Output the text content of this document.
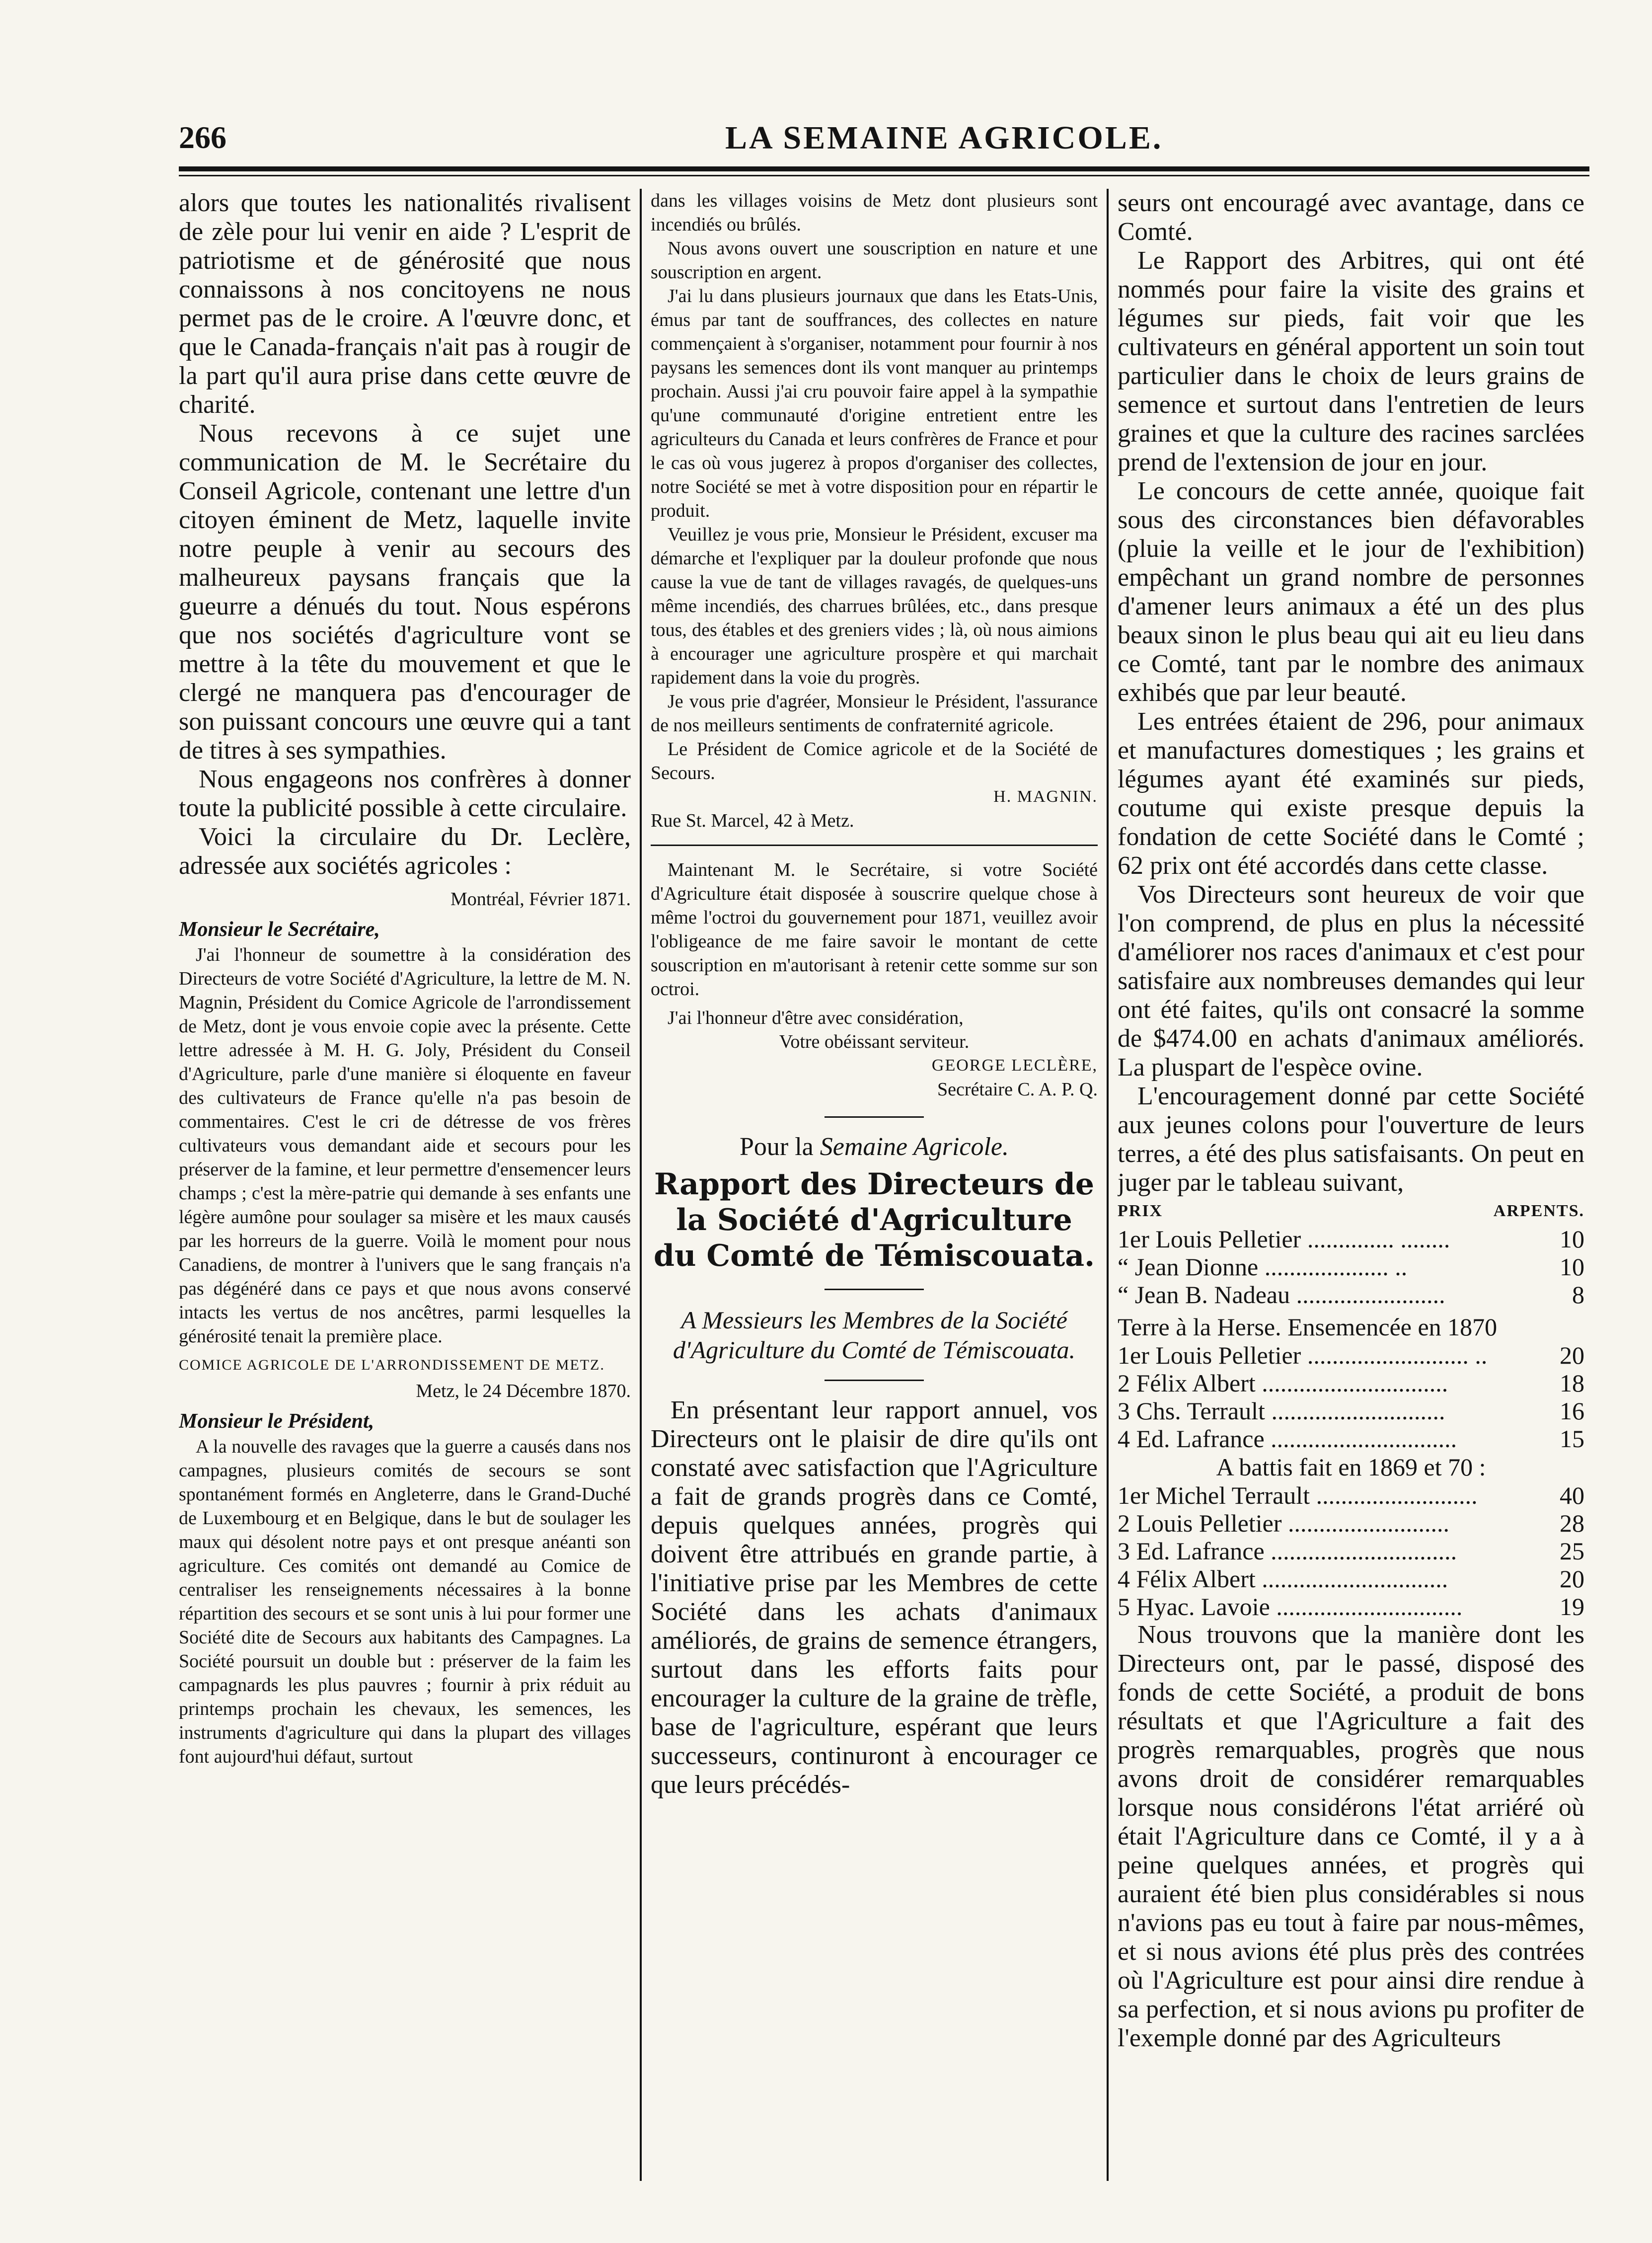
266	LA SEMAINE AGRICOLE.

alors que toutes les nationalités rivalisent de zèle pour lui venir en aide ? L'esprit de patriotisme et de générosité que nous connaissons à nos concitoyens ne nous permet pas de le croire. A l'œuvre donc, et que le Canada-français n'ait pas à rougir de la part qu'il aura prise dans cette œuvre de charité.

Nous recevons à ce sujet une communication de M. le Secrétaire du Conseil Agricole, contenant une lettre d'un citoyen éminent de Metz, laquelle invite notre peuple à venir au secours des malheureux paysans français que la gueurre a dénués du tout. Nous espérons que nos sociétés d'agriculture vont se mettre à la tête du mouvement et que le clergé ne manquera pas d'encourager de son puissant concours une œuvre qui a tant de titres à ses sympathies.

Nous engageons nos confrères à donner toute la publicité possible à cette circulaire.

Voici la circulaire du Dr. Leclère, adressée aux sociétés agricoles :

Montréal, Février 1871.

Monsieur le Secrétaire,

J'ai l'honneur de soumettre à la considération des Directeurs de votre Société d'Agriculture, la lettre de M. N. Magnin, Président du Comice Agricole de l'arrondissement de Metz, dont je vous envoie copie avec la présente. Cette lettre adressée à M. H. G. Joly, Président du Conseil d'Agriculture, parle d'une manière si éloquente en faveur des cultivateurs de France qu'elle n'a pas besoin de commentaires. C'est le cri de détresse de vos frères cultivateurs vous demandant aide et secours pour les préserver de la famine, et leur permettre d'ensemencer leurs champs ; c'est la mère-patrie qui demande à ses enfants une légère aumône pour soulager sa misère et les maux causés par les horreurs de la guerre. Voilà le moment pour nous Canadiens, de montrer à l'univers que le sang français n'a pas dégénéré dans ce pays et que nous avons conservé intacts les vertus de nos ancêtres, parmi lesquelles la générosité tenait la première place.

COMICE AGRICOLE DE L'ARRONDISSEMENT DE METZ.

Metz, le 24 Décembre 1870.

Monsieur le Président,

A la nouvelle des ravages que la guerre a causés dans nos campagnes, plusieurs comités de secours se sont spontanément formés en Angleterre, dans le Grand-Duché de Luxembourg et en Belgique, dans le but de soulager les maux qui désolent notre pays et ont presque anéanti son agriculture. Ces comités ont demandé au Comice de centraliser les renseignements nécessaires à la bonne répartition des secours et se sont unis à lui pour former une Société dite de Secours aux habitants des Campagnes. La Société poursuit un double but : préserver de la faim les campagnards les plus pauvres ; fournir à prix réduit au printemps prochain les chevaux, les semences, les instruments d'agriculture qui dans la plupart des villages font aujourd'hui défaut, surtout

dans les villages voisins de Metz dont plusieurs sont incendiés ou brûlés.

Nous avons ouvert une souscription en nature et une souscription en argent.

J'ai lu dans plusieurs journaux que dans les Etats-Unis, émus par tant de souffrances, des collectes en nature commençaient à s'organiser, notamment pour fournir à nos paysans les semences dont ils vont manquer au printemps prochain. Aussi j'ai cru pouvoir faire appel à la sympathie qu'une communauté d'origine entretient entre les agriculteurs du Canada et leurs confrères de France et pour le cas où vous jugerez à propos d'organiser des collectes, notre Société se met à votre disposition pour en répartir le produit.

Veuillez je vous prie, Monsieur le Président, excuser ma démarche et l'expliquer par la douleur profonde que nous cause la vue de tant de villages ravagés, de quelques-uns même incendiés, des charrues brûlées, etc., dans presque tous, des étables et des greniers vides ; là, où nous aimions à encourager une agriculture prospère et qui marchait rapidement dans la voie du progrès.

Je vous prie d'agréer, Monsieur le Président, l'assurance de nos meilleurs sentiments de confraternité agricole.

Le Président de Comice agricole et de la Société de Secours.

H. MAGNIN.

Rue St. Marcel, 42 à Metz.

Maintenant M. le Secrétaire, si votre Société d'Agriculture était disposée à souscrire quelque chose à même l'octroi du gouvernement pour 1871, veuillez avoir l'obligeance de me faire savoir le montant de cette souscription en m'autorisant à retenir cette somme sur son octroi.

J'ai l'honneur d'être avec considération,

Votre obéissant serviteur.

GEORGE LECLÈRE,

Secrétaire C. A. P. Q.

Pour la Semaine Agricole.

Rapport des Directeurs de la Société d'Agriculture du Comté de Témiscouata.

A Messieurs les Membres de la Société d'Agriculture du Comté de Témiscouata.

En présentant leur rapport annuel, vos Directeurs ont le plaisir de dire qu'ils ont constaté avec satisfaction que l'Agriculture a fait de grands progrès dans ce Comté, depuis quelques années, progrès qui doivent être attribués en grande partie, à l'initiative prise par les Membres de cette Société dans les achats d'animaux améliorés, de grains de semence étrangers, surtout dans les efforts faits pour encourager la culture de la graine de trèfle, base de l'agriculture, espérant que leurs successeurs, continuront à encourager ce que leurs précédés-

seurs ont encouragé avec avantage, dans ce Comté.

Le Rapport des Arbitres, qui ont été nommés pour faire la visite des grains et légumes sur pieds, fait voir que les cultivateurs en général apportent un soin tout particulier dans le choix de leurs grains de semence et surtout dans l'entretien de leurs graines et que la culture des racines sarclées prend de l'extension de jour en jour.

Le concours de cette année, quoique fait sous des circonstances bien défavorables (pluie la veille et le jour de l'exhibition) empêchant un grand nombre de personnes d'amener leurs animaux a été un des plus beaux sinon le plus beau qui ait eu lieu dans ce Comté, tant par le nombre des animaux exhibés que par leur beauté.

Les entrées étaient de 296, pour animaux et manufactures domestiques ; les grains et légumes ayant été examinés sur pieds, coutume qui existe presque depuis la fondation de cette Société dans le Comté ; 62 prix ont été accordés dans cette classe.

Vos Directeurs sont heureux de voir que l'on comprend, de plus en plus la nécessité d'améliorer nos races d'animaux et c'est pour satisfaire aux nombreuses demandes qui leur ont été faites, qu'ils ont consacré la somme de $474.00 en achats d'animaux améliorés. La pluspart de l'espèce ovine.

L'encouragement donné par cette Société aux jeunes colons pour l'ouverture de leurs terres, a été des plus satisfaisants. On peut en juger par le tableau suivant,

PRIX	ARPENTS.
1er Louis Pelletier .............. ........	10
“ Jean Dionne .................... ..	10
“ Jean B. Nadeau ........................	8

Terre à la Herse. Ensemencée en 1870

1er Louis Pelletier .......................... ..	20
2 Félix Albert ..............................	18
3 Chs. Terrault ............................	16
4 Ed. Lafrance ..............................	15

A battis fait en 1869 et 70 :

1er Michel Terrault ..........................	40
2 Louis Pelletier ..........................	28
3 Ed. Lafrance ..............................	25
4 Félix Albert ..............................	20
5 Hyac. Lavoie ..............................	19

Nous trouvons que la manière dont les Directeurs ont, par le passé, disposé des fonds de cette Société, a produit de bons résultats et que l'Agriculture a fait des progrès remarquables, progrès que nous avons droit de considérer remarquables lorsque nous considérons l'état arriéré où était l'Agriculture dans ce Comté, il y a à peine quelques années, et progrès qui auraient été bien plus considérables si nous n'avions pas eu tout à faire par nous-mêmes, et si nous avions été plus près des contrées où l'Agriculture est pour ainsi dire rendue à sa perfection, et si nous avions pu profiter de l'exemple donné par des Agriculteurs
